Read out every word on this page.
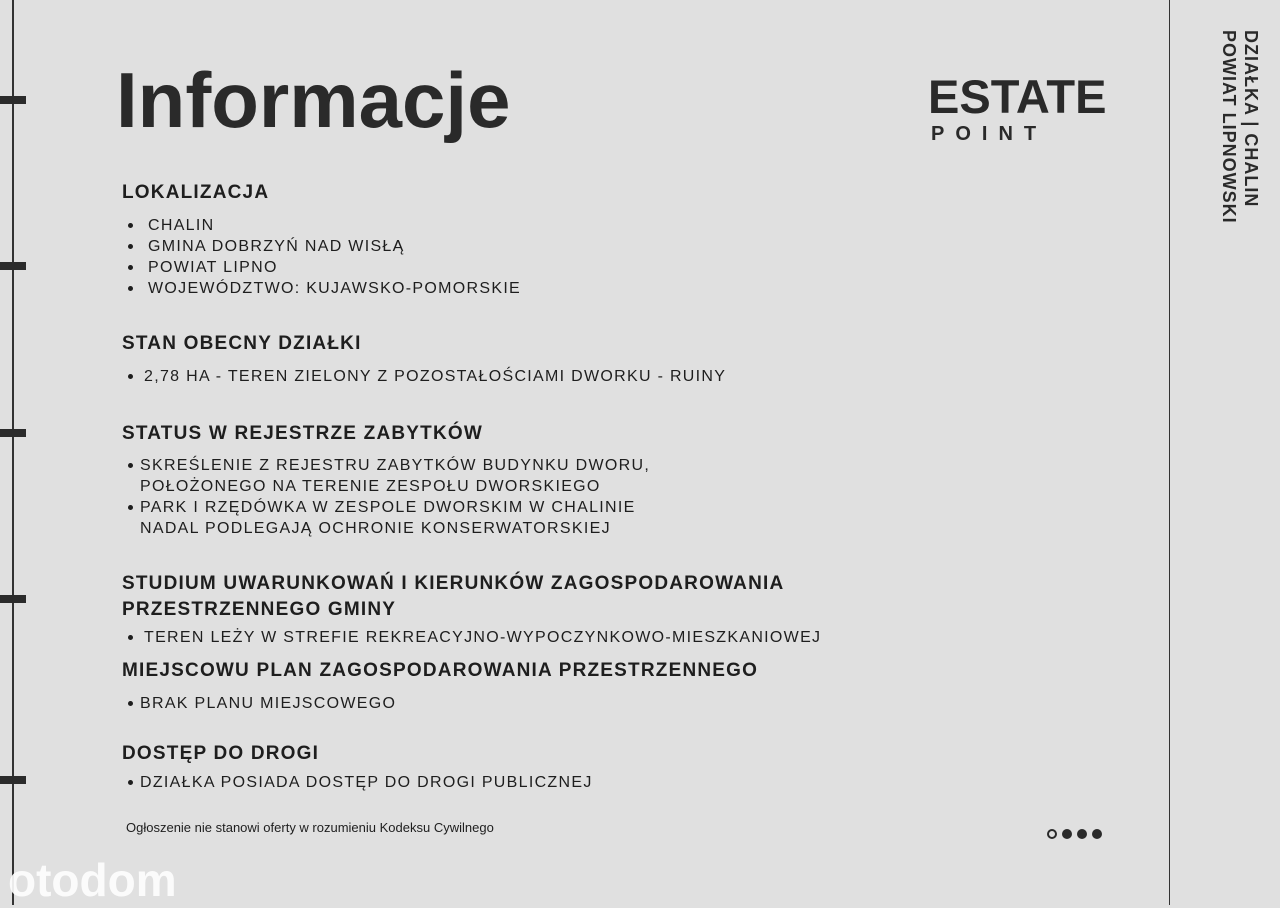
Informacje	ESTATE
POINT	DZIAŁKA | CHALIN
POWIAT LIPNOWSKI
LOKALIZACJA
CHALIN
GMINA DOBRZYŃ NAD WISŁĄ
POWIAT LIPNO
WOJEWÓDZTWO: KUJAWSKO-POMORSKIE
STAN OBECNY DZIAŁKI
2,78 HA - TEREN ZIELONY Z POZOSTAŁOŚCIAMI DWORKU - RUINY
STATUS W REJESTRZE ZABYTKÓW
SKREŚLENIE Z REJESTRU ZABYTKÓW BUDYNKU DWORU, POŁOŻONEGO NA TERENIE ZESPOŁU DWORSKIEGO
PARK I RZĘDÓWKA W ZESPOLE DWORSKIM W CHALINIE NADAL PODLEGAJĄ OCHRONIE KONSERWATORSKIEJ
STUDIUM UWARUNKOWAŃ I KIERUNKÓW ZAGOSPODAROWANIA PRZESTRZENNEGO GMINY
TEREN LEŻY W STREFIE REKREACYJNO-WYPOCZYNKOWO-MIESZKANIOWEJ
MIEJSCOWU PLAN ZAGOSPODAROWANIA PRZESTRZENNEGO
BRAK PLANU MIEJSCOWEGO
DOSTĘP DO DROGI
DZIAŁKA POSIADA DOSTĘP DO DROGI PUBLICZNEJ
Ogłoszenie nie stanowi oferty w rozumieniu Kodeksu Cywilnego
otodom
